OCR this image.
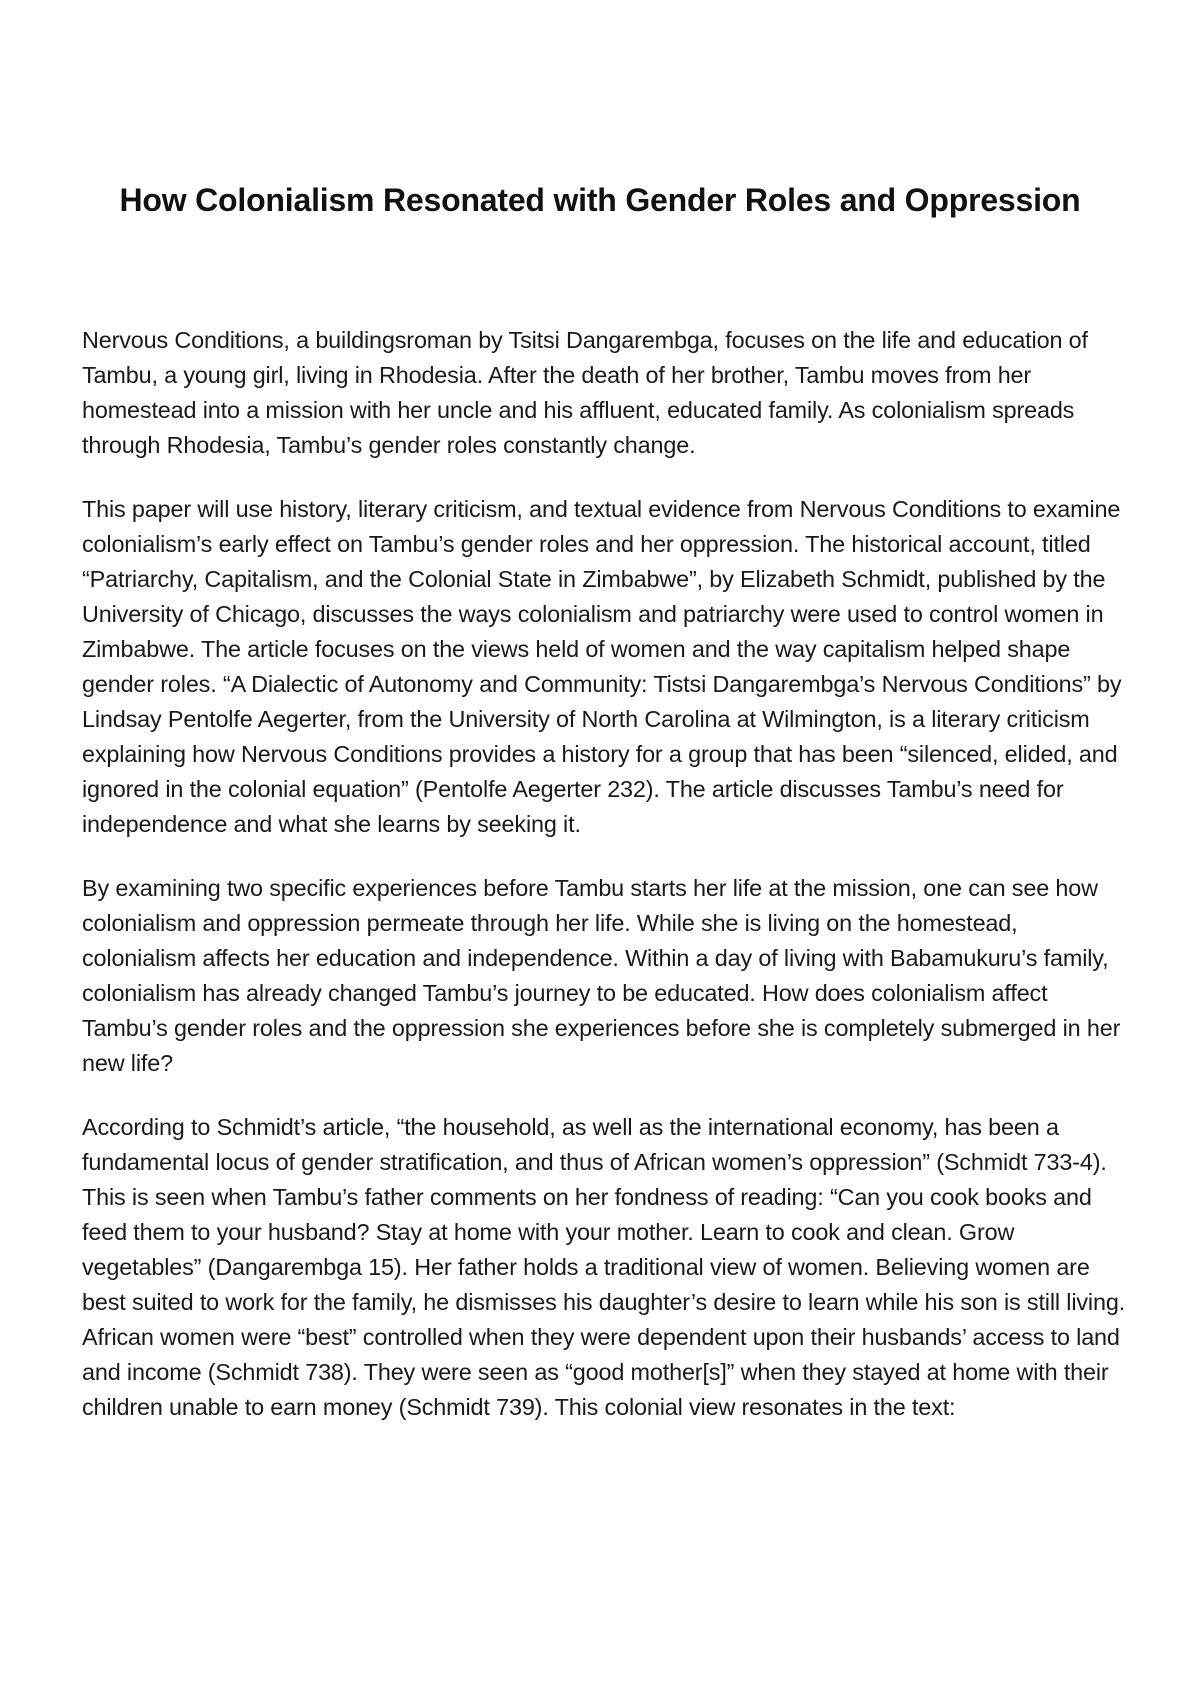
How Colonialism Resonated with Gender Roles and Oppression

Nervous Conditions, a buildingsroman by Tsitsi Dangarembga, focuses on the life and education of Tambu, a young girl, living in Rhodesia. After the death of her brother, Tambu moves from her homestead into a mission with her uncle and his affluent, educated family. As colonialism spreads through Rhodesia, Tambu’s gender roles constantly change.

This paper will use history, literary criticism, and textual evidence from Nervous Conditions to examine colonialism’s early effect on Tambu’s gender roles and her oppression. The historical account, titled “Patriarchy, Capitalism, and the Colonial State in Zimbabwe”, by Elizabeth Schmidt, published by the University of Chicago, discusses the ways colonialism and patriarchy were used to control women in Zimbabwe. The article focuses on the views held of women and the way capitalism helped shape gender roles. “A Dialectic of Autonomy and Community: Tistsi Dangarembga’s Nervous Conditions” by Lindsay Pentolfe Aegerter, from the University of North Carolina at Wilmington, is a literary criticism explaining how Nervous Conditions provides a history for a group that has been “silenced, elided, and ignored in the colonial equation” (Pentolfe Aegerter 232). The article discusses Tambu’s need for independence and what she learns by seeking it.

By examining two specific experiences before Tambu starts her life at the mission, one can see how colonialism and oppression permeate through her life. While she is living on the homestead, colonialism affects her education and independence. Within a day of living with Babamukuru’s family, colonialism has already changed Tambu’s journey to be educated. How does colonialism affect Tambu’s gender roles and the oppression she experiences before she is completely submerged in her new life?

According to Schmidt’s article, “the household, as well as the international economy, has been a fundamental locus of gender stratification, and thus of African women’s oppression” (Schmidt 733-4). This is seen when Tambu’s father comments on her fondness of reading: “Can you cook books and feed them to your husband? Stay at home with your mother. Learn to cook and clean. Grow vegetables” (Dangarembga 15). Her father holds a traditional view of women. Believing women are best suited to work for the family, he dismisses his daughter’s desire to learn while his son is still living. African women were “best” controlled when they were dependent upon their husbands’ access to land and income (Schmidt 738). They were seen as “good mother[s]” when they stayed at home with their children unable to earn money (Schmidt 739). This colonial view resonates in the text:
